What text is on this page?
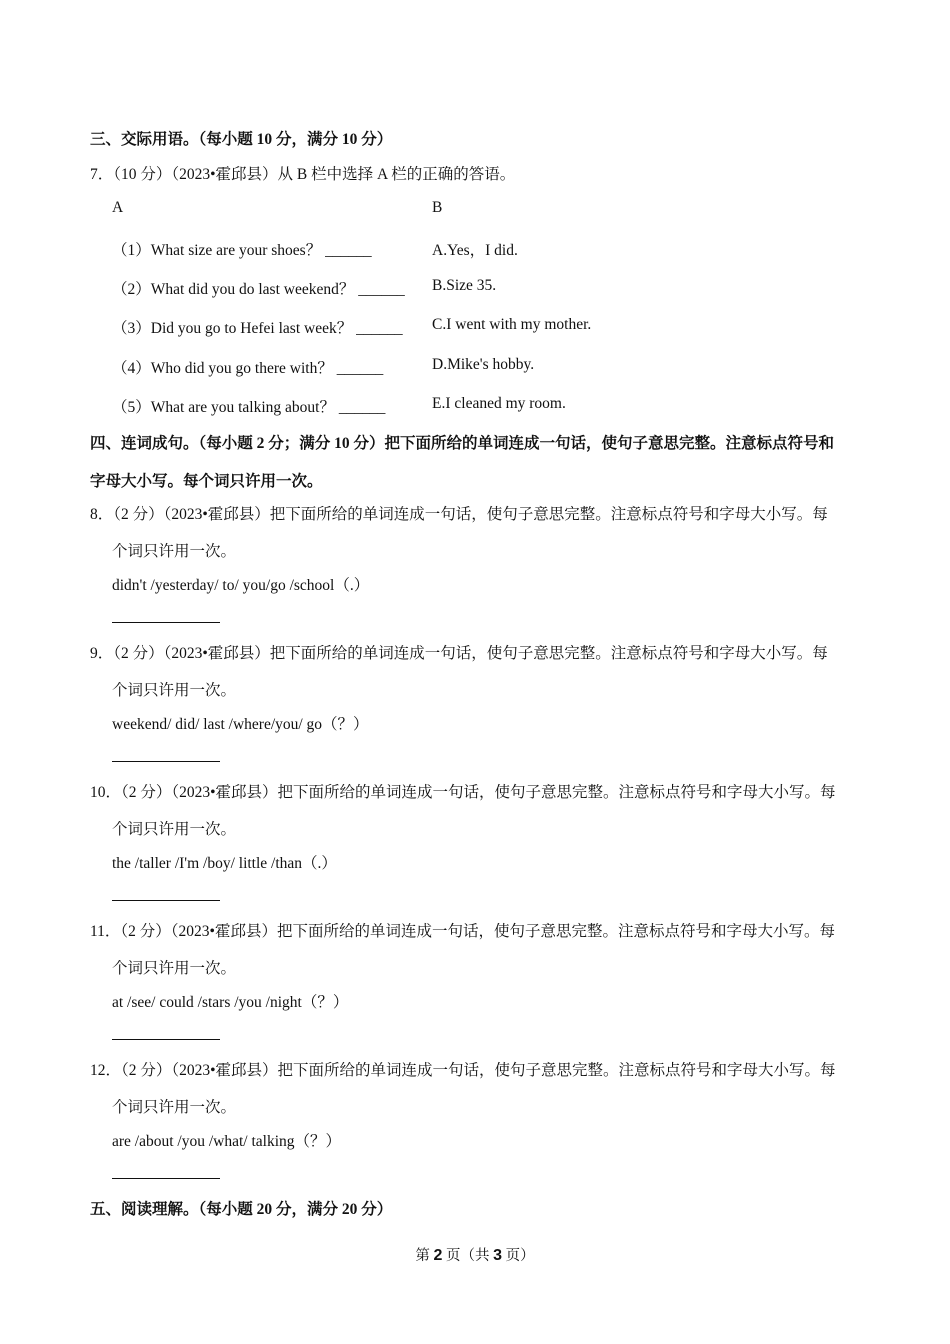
三、交际用语。（每小题 10 分，满分 10 分）
7．（10 分）（2023•霍邱县）从 B 栏中选择 A 栏的正确的答语。
A	B
（1）What size are your shoes？ ______	A.Yes，I did.
（2）What did you do last weekend？ ______ B.Size 35.
（3）Did you go to Hefei last week？ ______ C.I went with my mother.
（4）Who did you go there with？ ______	D.Mike's hobby.
（5）What are you talking about？ ______	E.I cleaned my room.
四、连词成句。（每小题 2 分；满分 10 分）把下面所给的单词连成一句话，使句子意思完整。注意标点符号和
字母大小写。每个词只许用一次。
8．（2 分）（2023•霍邱县）把下面所给的单词连成一句话，使句子意思完整。注意标点符号和字母大小写。每
个词只许用一次。
didn't /yesterday/ to/ you/go /school（.）
9．（2 分）（2023•霍邱县）把下面所给的单词连成一句话，使句子意思完整。注意标点符号和字母大小写。每
个词只许用一次。
weekend/ did/ last /where/you/ go（？）
10．（2 分）（2023•霍邱县）把下面所给的单词连成一句话，使句子意思完整。注意标点符号和字母大小写。每
个词只许用一次。
the /taller /I'm /boy/ little /than（.）
11．（2 分）（2023•霍邱县）把下面所给的单词连成一句话，使句子意思完整。注意标点符号和字母大小写。每
个词只许用一次。
at /see/ could /stars /you /night（？）
12．（2 分）（2023•霍邱县）把下面所给的单词连成一句话，使句子意思完整。注意标点符号和字母大小写。每
个词只许用一次。
are /about /you /what/ talking（？）
五、阅读理解。（每小题 20 分，满分 20 分）
第 2 页（共 3 页）
